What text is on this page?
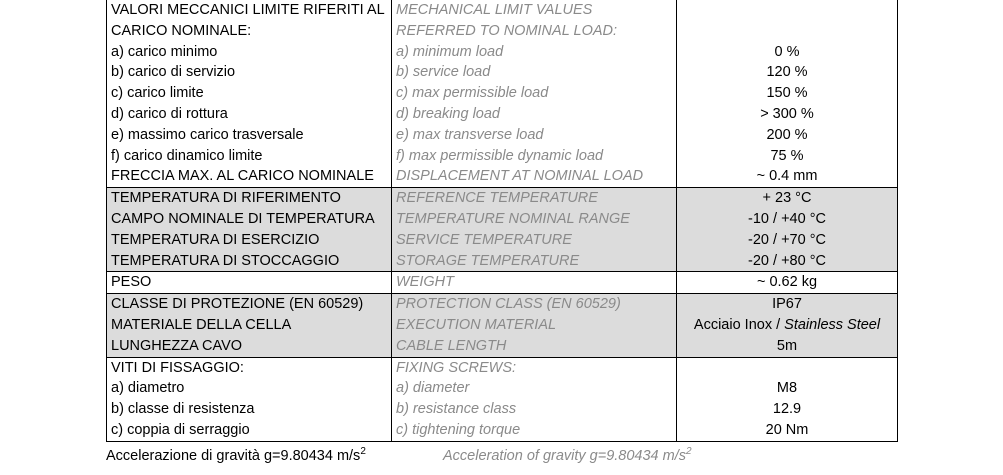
VALORI MECCANICI LIMITE RIFERITI AL	MECHANICAL LIMIT VALUES	
CARICO NOMINALE:	REFERRED TO NOMINAL LOAD:	
a) carico minimo	a) minimum load	0 %
b) carico di servizio	b) service load	120 %
c) carico limite	c) max permissible load	150 %
d) carico di rottura	d) breaking load	> 300 %
e) massimo carico trasversale	e) max transverse load	200 %
f) carico dinamico limite	f) max permissible dynamic load	75 %
FRECCIA MAX. AL CARICO NOMINALE	DISPLACEMENT AT NOMINAL LOAD	~ 0.4 mm
TEMPERATURA DI RIFERIMENTO	REFERENCE TEMPERATURE	+ 23 °C
CAMPO NOMINALE DI TEMPERATURA	TEMPERATURE NOMINAL RANGE	-10 / +40 °C
TEMPERATURA DI ESERCIZIO	SERVICE TEMPERATURE	-20 / +70 °C
TEMPERATURA DI STOCCAGGIO	STORAGE TEMPERATURE	-20 / +80 °C
PESO	WEIGHT	~ 0.62 kg
CLASSE DI PROTEZIONE (EN 60529)	PROTECTION CLASS (EN 60529)	IP67
MATERIALE DELLA CELLA	EXECUTION MATERIAL	Acciaio Inox / Stainless Steel
LUNGHEZZA CAVO	CABLE LENGTH	5m
VITI DI FISSAGGIO:	FIXING SCREWS:	
a) diametro	a) diameter	M8
b) classe di resistenza	b) resistance class	12.9
c) coppia di serraggio	c) tightening torque	20 Nm
Accelerazione di gravità g=9.80434 $m/s^2$	Acceleration of gravity g=9.80434 $m/s^2$
